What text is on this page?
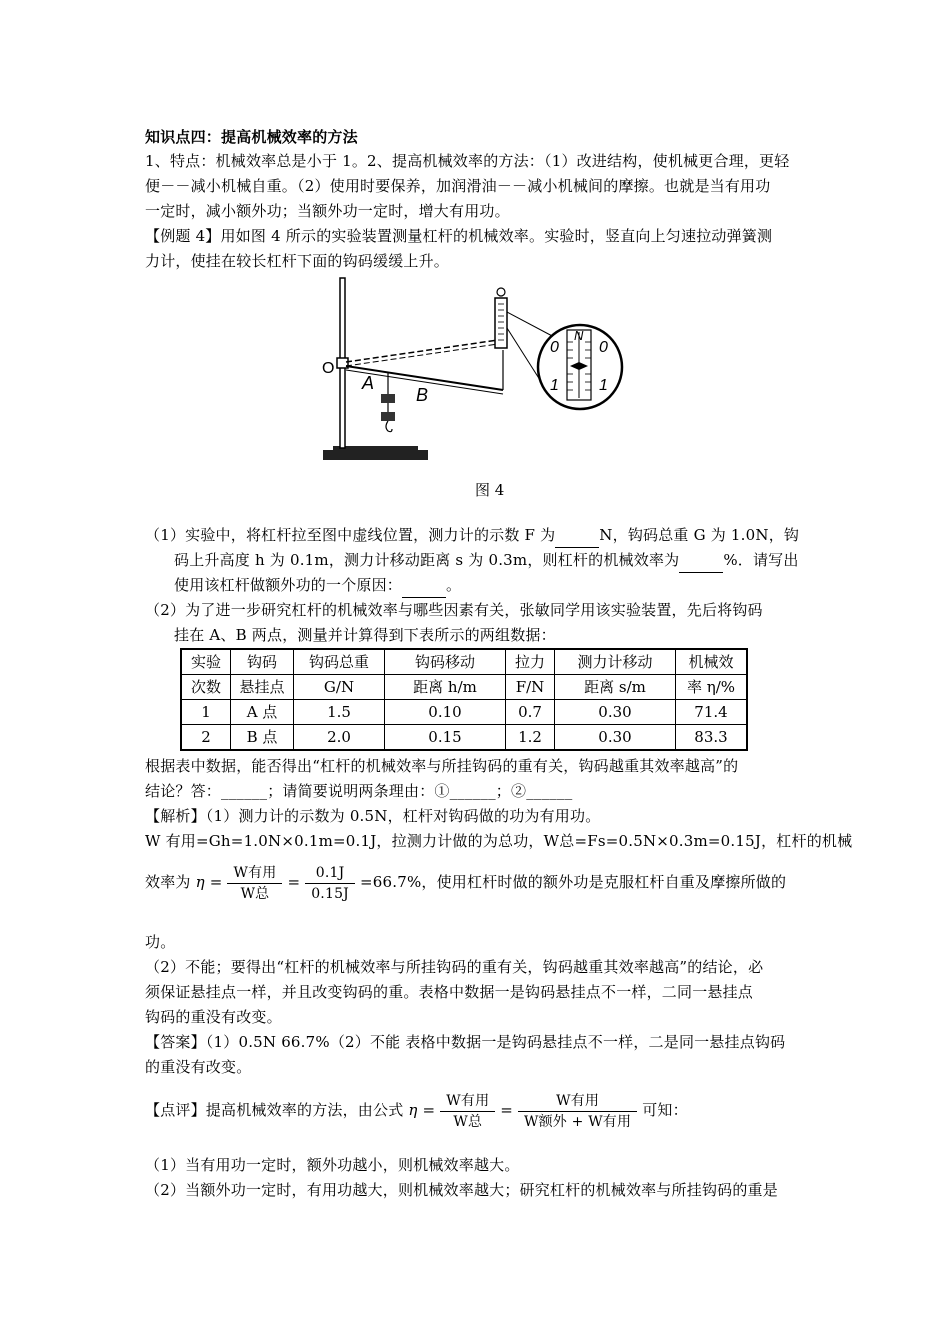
知识点四：提高机械效率的方法
1、特点：机械效率总是小于 1。2、提高机械效率的方法：（1）改进结构，使机械更合理，更轻
便－－减小机械自重。（2）使用时要保养，加润滑油－－减小机械间的摩擦。也就是当有用功
一定时，减小额外功；当额外功一定时，增大有用功。
【例题 4】用如图 4 所示的实验装置测量杠杆的机械效率。实验时，竖直向上匀速拉动弹簧测
力计，使挂在较长杠杆下面的钩码缓缓上升。
N
0	0
1	1
O
A
B
图 4
（1）实验中，将杠杆拉至图中虚线位置，测力计的示数 F 为	N，钩码总重 G 为 1.0N，钩
码上升高度 h 为 0.1m，测力计移动距离 s 为 0.3m，则杠杆的机械效率为	%．请写出
使用该杠杆做额外功的一个原因：	。
（2）为了进一步研究杠杆的机械效率与哪些因素有关，张敏同学用该实验装置，先后将钩码
挂在 A、B 两点，测量并计算得到下表所示的两组数据：
实验	钩码	钩码总重	钩码移动	拉力	测力计移动	机械效
次数	悬挂点	G/N	距离 h/m	F/N	距离 s/m	率 η/%
1	A 点	1.5	0.10	0.7	0.30	71.4
2	B 点	2.0	0.15	1.2	0.30	83.3
根据表中数据，能否得出“杠杆的机械效率与所挂钩码的重有关，钩码越重其效率越高”的
结论？答：______；请简要说明两条理由：①______；②______
【解析】（1）测力计的示数为 0.5N，杠杆对钩码做的功为有用功。
W 有用=Gh=1.0N×0.1m=0.1J，拉测力计做的为总功，W总=Fs=0.5N×0.3m=0.15J，杠杆的机械
效率为 $\eta = \frac{\text{W有用}}{\text{W总}} = \frac{0.1J}{0.15J} =66.7\%$，使用杠杆时做的额外功是克服杠杆自重及摩擦所做的
功。
（2）不能；要得出“杠杆的机械效率与所挂钩码的重有关，钩码越重其效率越高”的结论，必
须保证悬挂点一样，并且改变钩码的重。表格中数据一是钩码悬挂点不一样，二同一悬挂点
钩码的重没有改变。
【答案】（1）0.5N 66.7%（2）不能 表格中数据一是钩码悬挂点不一样，二是同一悬挂点钩码
的重没有改变。
【点评】提高机械效率的方法，由公式 $\eta = \frac{\text{W有用}}{\text{W总}} = \frac{\text{W有用}}{\text{W额外 + W有用}}$ 可知：
（1）当有用功一定时，额外功越小，则机械效率越大。
（2）当额外功一定时，有用功越大，则机械效率越大；研究杠杆的机械效率与所挂钩码的重是
